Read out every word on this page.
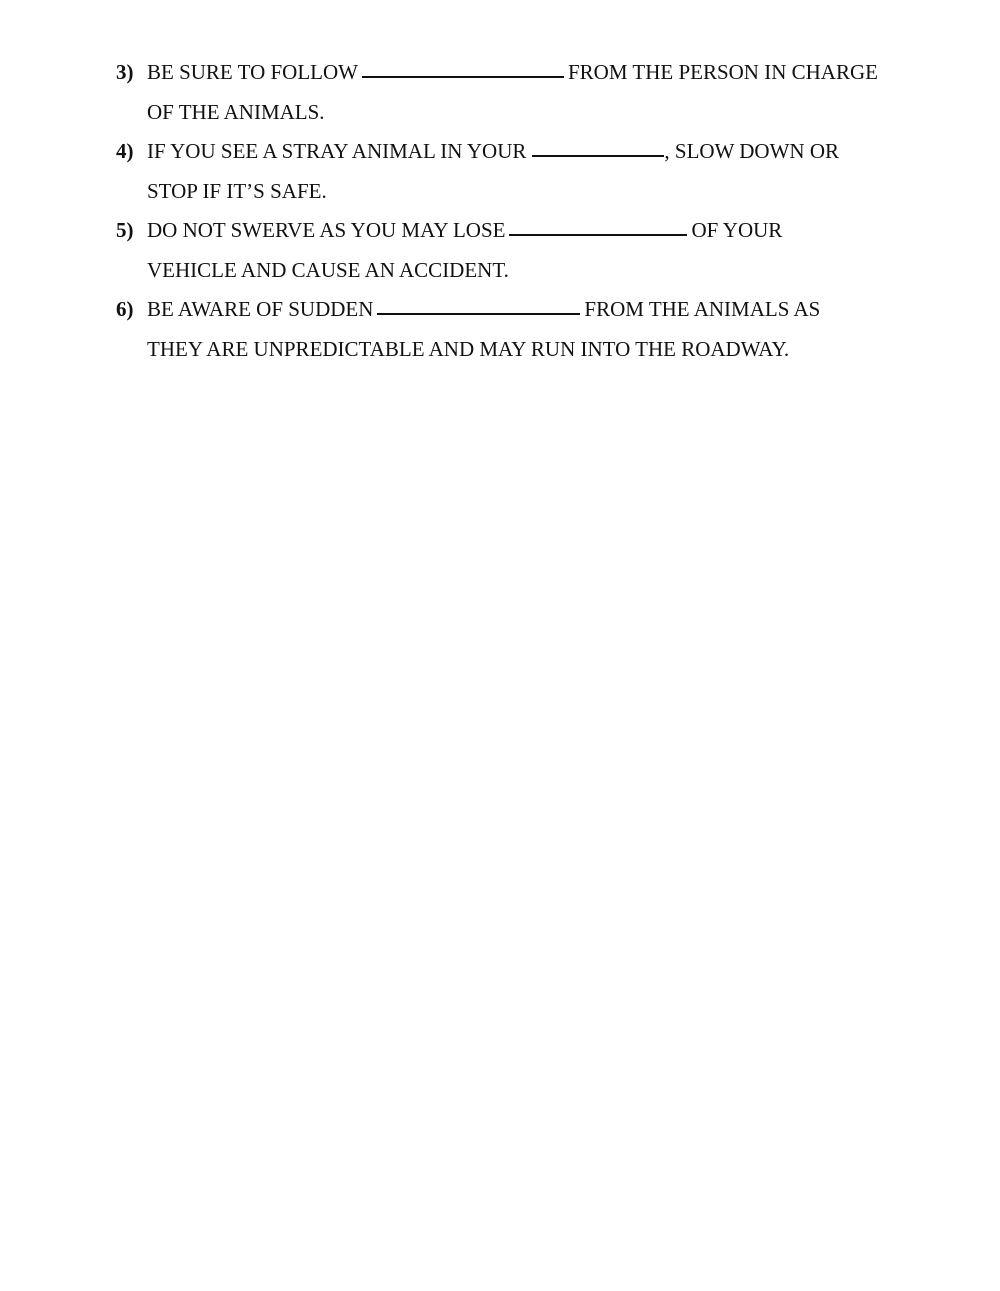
3) BE SURE TO FOLLOW	FROM THE PERSON IN CHARGE
OF THE ANIMALS.
4) IF YOU SEE A STRAY ANIMAL IN YOUR	, SLOW DOWN OR
STOP IF IT’S SAFE.
5) DO NOT SWERVE AS YOU MAY LOSE	OF YOUR
VEHICLE AND CAUSE AN ACCIDENT.
6) BE AWARE OF SUDDEN	FROM THE ANIMALS AS
THEY ARE UNPREDICTABLE AND MAY RUN INTO THE ROADWAY.
